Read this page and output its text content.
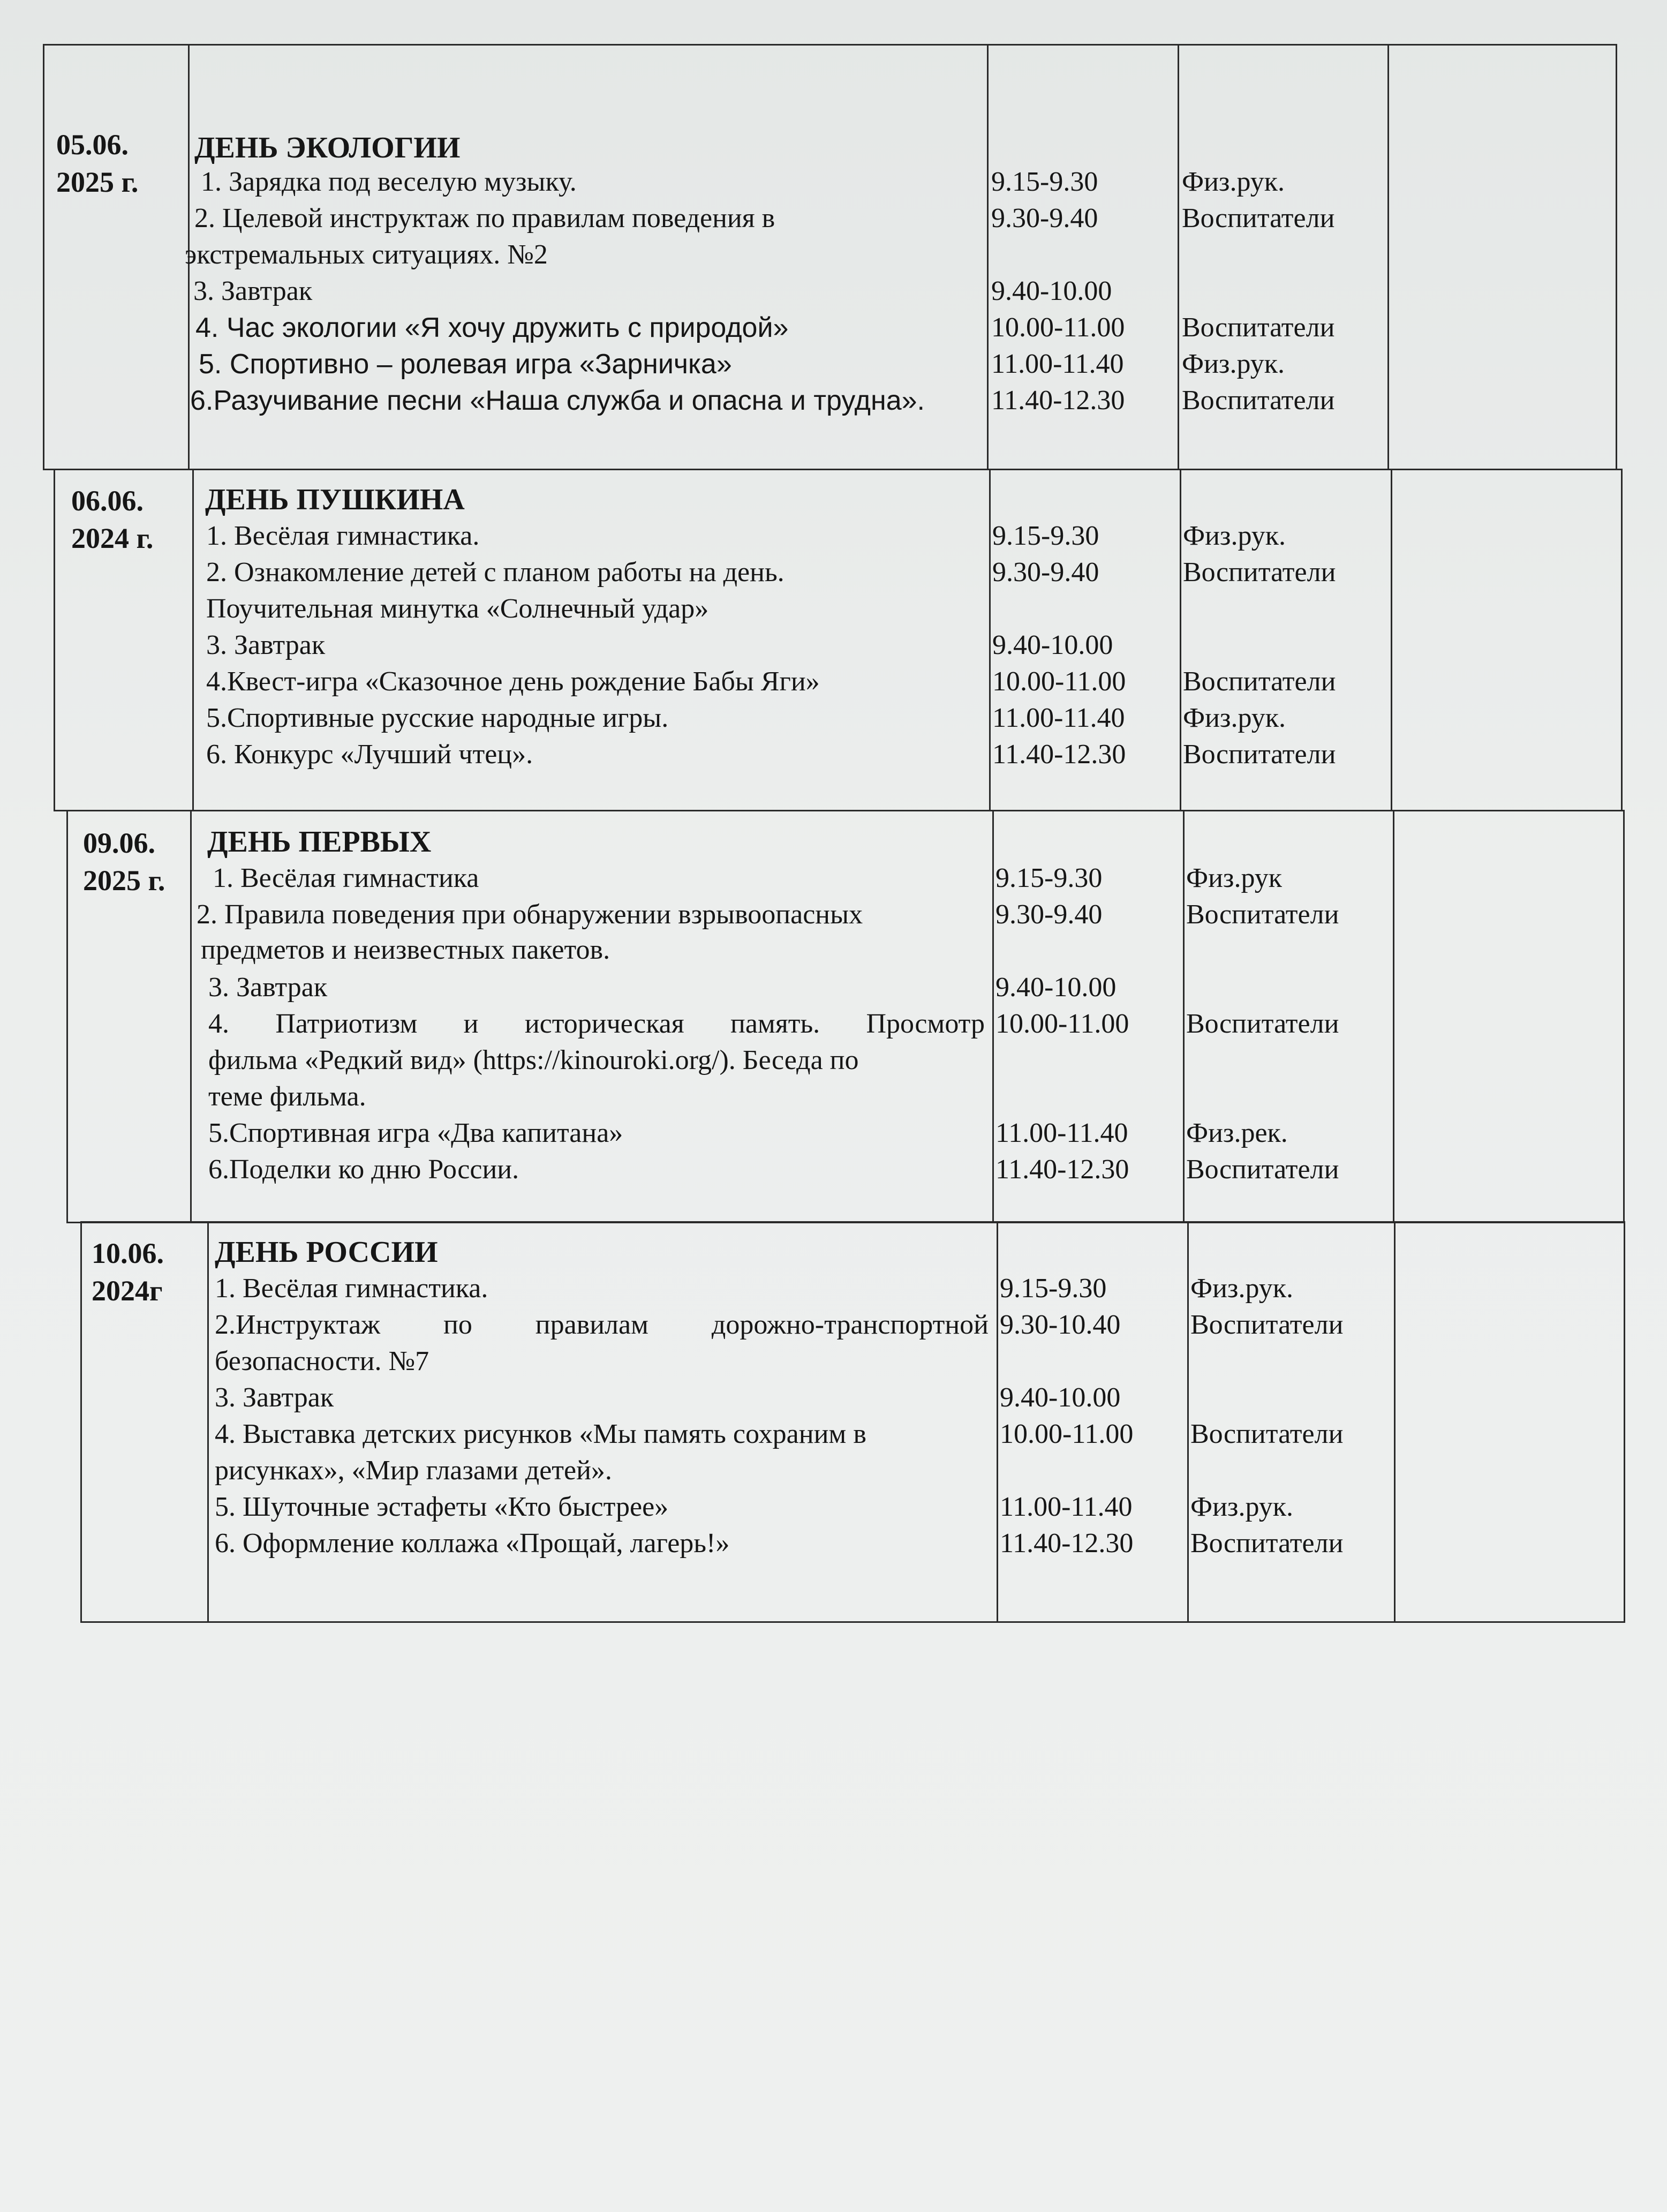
05.06.
2025 г.
ДЕНЬ ЭКОЛОГИИ
1. Зарядка под веселую музыку.
2. Целевой инструктаж по правилам поведения в
экстремальных ситуациях. №2
3. Завтрак
4. Час экологии «Я хочу дружить с природой»
5. Спортивно – ролевая игра «Зарничка»
6.Разучивание песни «Наша служба и опасна и трудна».
9.15-9.30
9.30-9.40
9.40-10.00
10.00-11.00
11.00-11.40
11.40-12.30
Физ.рук.
Воспитатели
Воспитатели
Физ.рук.
Воспитатели
06.06.
2024 г.
ДЕНЬ ПУШКИНА
1. Весёлая гимнастика.
2. Ознакомление детей с планом работы на день.
Поучительная минутка «Солнечный удар»
3. Завтрак
4.Квест-игра «Сказочное день рождение Бабы Яги»
5.Спортивные русские народные игры.
6. Конкурс «Лучший чтец».
9.15-9.30
9.30-9.40
9.40-10.00
10.00-11.00
11.00-11.40
11.40-12.30
Физ.рук.
Воспитатели
Воспитатели
Физ.рук.
Воспитатели
09.06.
2025 г.
ДЕНЬ ПЕРВЫХ
1. Весёлая гимнастика
2. Правила поведения при обнаружении взрывоопасных
предметов и неизвестных пакетов.
3. Завтрак
4. Патриотизм и историческая память. Просмотр
фильма «Редкий вид» (https://kinouroki.org/). Беседа по
теме фильма.
5.Спортивная игра «Два капитана»
6.Поделки ко дню России.
9.15-9.30
9.30-9.40
9.40-10.00
10.00-11.00
11.00-11.40
11.40-12.30
Физ.рук
Воспитатели
Воспитатели
Физ.рек.
Воспитатели
10.06.
2024г
ДЕНЬ РОССИИ
1. Весёлая гимнастика.
2.Инструктаж по правилам дорожно-транспортной
безопасности. №7
3. Завтрак
4. Выставка детских рисунков «Мы память сохраним в
рисунках», «Мир глазами детей».
5. Шуточные эстафеты «Кто быстрее»
6. Оформление коллажа «Прощай, лагерь!»
9.15-9.30
9.30-10.40
9.40-10.00
10.00-11.00
11.00-11.40
11.40-12.30
Физ.рук.
Воспитатели
Воспитатели
Физ.рук.
Воспитатели
